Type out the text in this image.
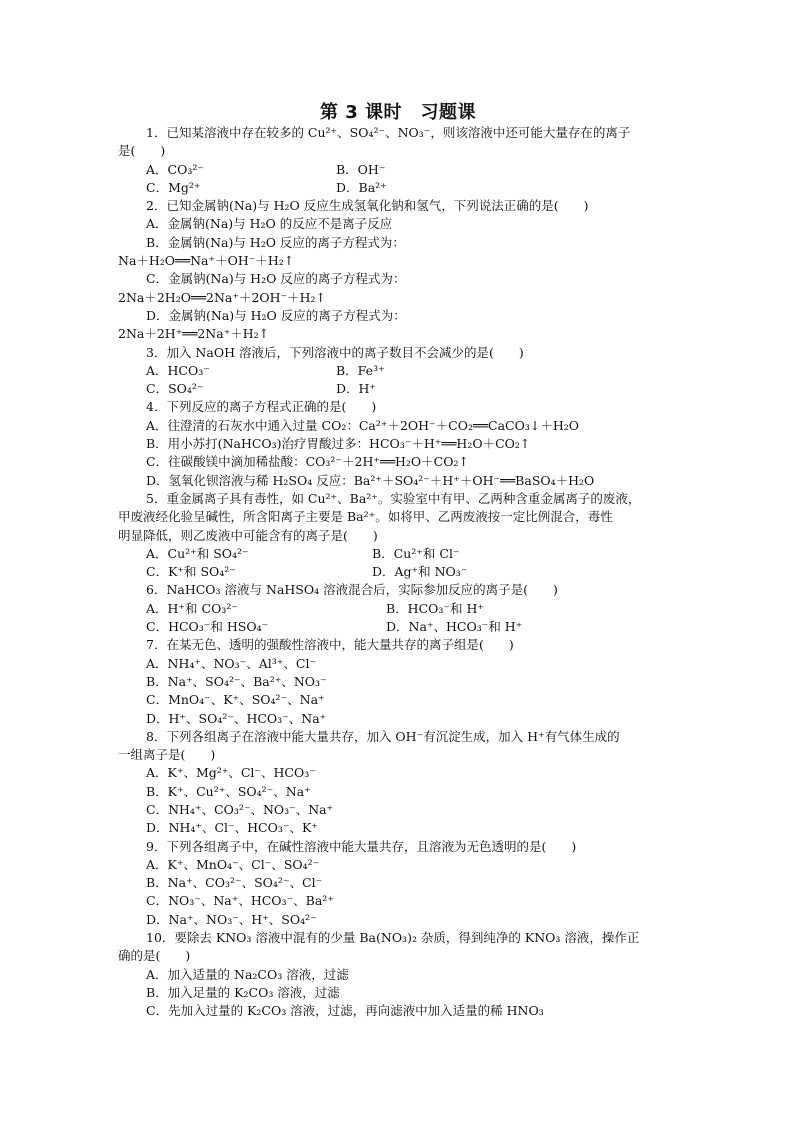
第 3 课时　习题课
1．已知某溶液中存在较多的 Cu²⁺、SO₄²⁻、NO₃⁻，则该溶液中还可能大量存在的离子
是(　　)
A．CO₃²⁻	B．OH⁻
C．Mg²⁺	D．Ba²⁺
2．已知金属钠(Na)与 H₂O 反应生成氢氧化钠和氢气，下列说法正确的是(　　)
A．金属钠(Na)与 H₂O 的反应不是离子反应
B．金属钠(Na)与 H₂O 反应的离子方程式为：
Na＋H₂O══Na⁺＋OH⁻＋H₂↑
C．金属钠(Na)与 H₂O 反应的离子方程式为：
2Na＋2H₂O══2Na⁺＋2OH⁻＋H₂↑
D．金属钠(Na)与 H₂O 反应的离子方程式为：
2Na＋2H⁺══2Na⁺＋H₂↑
3．加入 NaOH 溶液后，下列溶液中的离子数目不会减少的是(　　)
A．HCO₃⁻	B．Fe³⁺
C．SO₄²⁻	D．H⁺
4．下列反应的离子方程式正确的是(　　)
A．往澄清的石灰水中通入过量 CO₂：Ca²⁺＋2OH⁻＋CO₂══CaCO₃↓＋H₂O
B．用小苏打(NaHCO₃)治疗胃酸过多：HCO₃⁻＋H⁺══H₂O＋CO₂↑
C．往碳酸镁中滴加稀盐酸：CO₃²⁻＋2H⁺══H₂O＋CO₂↑
D．氢氧化钡溶液与稀 H₂SO₄ 反应：Ba²⁺＋SO₄²⁻＋H⁺＋OH⁻══BaSO₄＋H₂O
5．重金属离子具有毒性，如 Cu²⁺、Ba²⁺。实验室中有甲、乙两种含重金属离子的废液，
甲废液经化验呈碱性，所含阳离子主要是 Ba²⁺。如将甲、乙两废液按一定比例混合，毒性
明显降低，则乙废液中可能含有的离子是(　　)
A．Cu²⁺和 SO₄²⁻	B．Cu²⁺和 Cl⁻
C．K⁺和 SO₄²⁻	D．Ag⁺和 NO₃⁻
6．NaHCO₃ 溶液与 NaHSO₄ 溶液混合后，实际参加反应的离子是(　　)
A．H⁺和 CO₃²⁻	B．HCO₃⁻和 H⁺
C．HCO₃⁻和 HSO₄⁻	D．Na⁺、HCO₃⁻和 H⁺
7．在某无色、透明的强酸性溶液中，能大量共存的离子组是(　　)
A．NH₄⁺、NO₃⁻、Al³⁺、Cl⁻
B．Na⁺、SO₄²⁻、Ba²⁺、NO₃⁻
C．MnO₄⁻、K⁺、SO₄²⁻、Na⁺
D．H⁺、SO₄²⁻、HCO₃⁻、Na⁺
8．下列各组离子在溶液中能大量共存，加入 OH⁻有沉淀生成，加入 H⁺有气体生成的
一组离子是(　　)
A．K⁺、Mg²⁺、Cl⁻、HCO₃⁻
B．K⁺、Cu²⁺、SO₄²⁻、Na⁺
C．NH₄⁺、CO₃²⁻、NO₃⁻、Na⁺
D．NH₄⁺、Cl⁻、HCO₃⁻、K⁺
9．下列各组离子中，在碱性溶液中能大量共存，且溶液为无色透明的是(　　)
A．K⁺、MnO₄⁻、Cl⁻、SO₄²⁻
B．Na⁺、CO₃²⁻、SO₄²⁻、Cl⁻
C．NO₃⁻、Na⁺、HCO₃⁻、Ba²⁺
D．Na⁺、NO₃⁻、H⁺、SO₄²⁻
10．要除去 KNO₃ 溶液中混有的少量 Ba(NO₃)₂ 杂质，得到纯净的 KNO₃ 溶液，操作正
确的是(　　)
A．加入适量的 Na₂CO₃ 溶液，过滤
B．加入足量的 K₂CO₃ 溶液，过滤
C．先加入过量的 K₂CO₃ 溶液，过滤，再向滤液中加入适量的稀 HNO₃
